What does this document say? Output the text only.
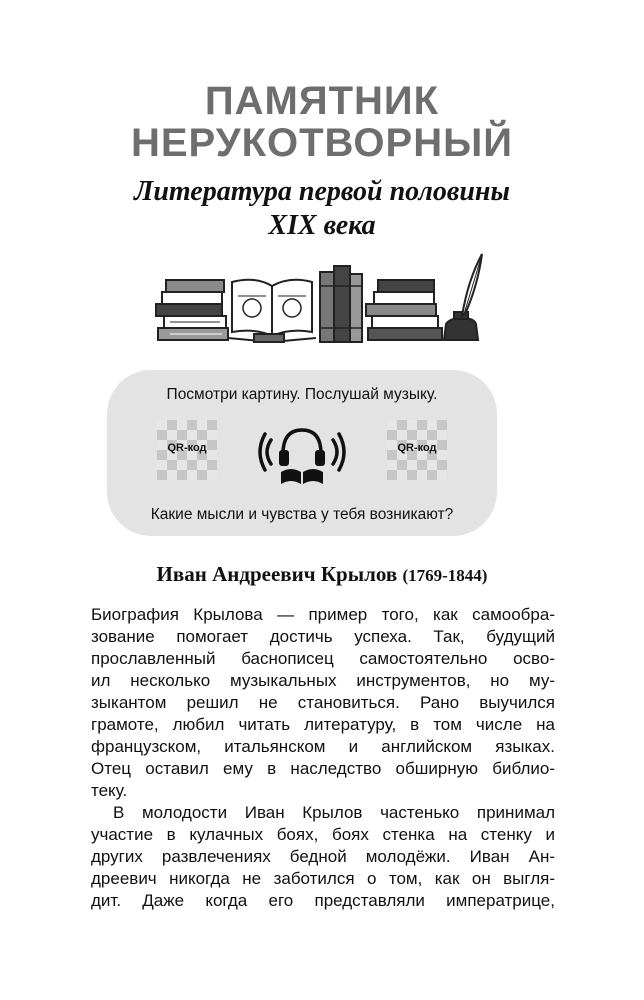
ПАМЯТНИК
НЕРУКОТВОРНЫЙ
Литература первой половины
XIX века
Посмотри картину. Послушай музыку.
QR-код	QR-код
Какие мысли и чувства у тебя возникают?
Иван Андреевич Крылов (1769-1844)
Биография Крылова — пример того, как самообра-
зование помогает достичь успеха. Так, будущий
прославленный баснописец самостоятельно осво-
ил несколько музыкальных инструментов, но му-
зыкантом решил не становиться. Рано выучился
грамоте, любил читать литературу, в том числе на
французском, итальянском и английском языках.
Отец оставил ему в наследство обширную библио-
теку.
В молодости Иван Крылов частенько принимал
участие в кулачных боях, боях стенка на стенку и
других развлечениях бедной молодёжи. Иван Ан-
дреевич никогда не заботился о том, как он выгля-
дит. Даже когда его представляли императрице,
